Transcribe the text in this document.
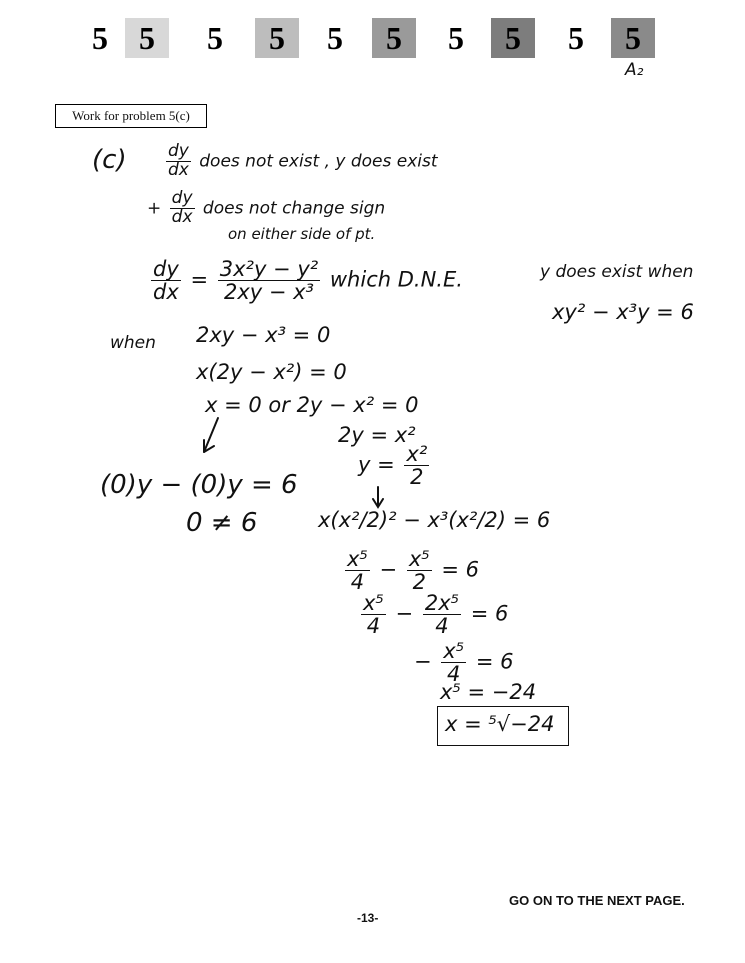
5 5	5	5	5	5	5	5	5	5
A₂
Work for problem 5(c)
$(c) \frac{dy}{dx}$ does not exist , y does exist
+ $\frac{dy}{dx}$ does not change sign
on either side of pt.
$\frac{dy}{dx} = \frac{\text{3x²y − y²}}{\text{2xy − x³}}$ which D.N.E.	y does exist when
xy² − x³y = 6
when 2xy − x³ = 0
x(2y − x²) = 0
x = 0 or 2y − x² = 0
2y = x²
$y = \frac{\text{x²}}{2}$
(0)y − (0)y = 6
0 ≠ 6	x(x²/2)² − x³(x²/2) = 6
$\frac{\text{x⁵}}{4} - \frac{\text{x⁵}}{2} = 6$
$\frac{\text{x⁵}}{4} - \frac{\text{2x⁵}}{4} = 6$
− $\frac{\text{x⁵}}{4} = 6$
x⁵ = −24
x = ⁵√−24
GO ON TO THE NEXT PAGE.
-13-
